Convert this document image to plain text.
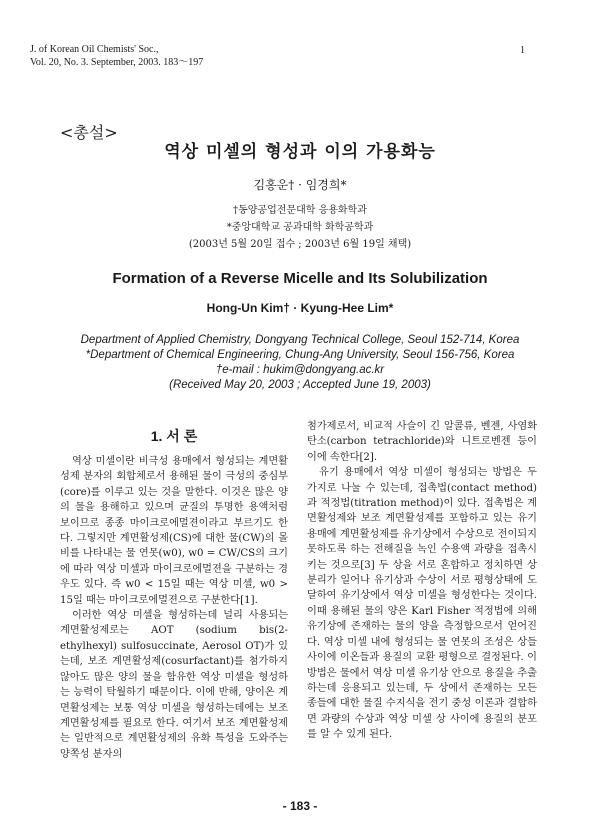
J. of Korean Oil Chemists' Soc.,
Vol. 20, No. 3. September, 2003. 183～197
1
<총설>
역상 미셀의 형성과 이의 가용화능
김홍운† · 임경희*
†동양공업전문대학 응용화학과
*중앙대학교 공과대학 화학공학과
(2003년 5월 20일 접수 ; 2003년 6월 19일 채택)
Formation of a Reverse Micelle and Its Solubilization
Hong-Un Kim† · Kyung-Hee Lim*
Department of Applied Chemistry, Dongyang Technical College, Seoul 152-714, Korea
*Department of Chemical Engineering, Chung-Ang University, Seoul 156-756, Korea
†e-mail : hukim@dongyang.ac.kr
(Received May 20, 2003 ; Accepted June 19, 2003)
1. 서 론

역상 미셀이란 비극성 용매에서 형성되는 계면활성제 분자의 회합체로서 용해된 물이 극성의 중심부(core)를 이루고 있는 것을 말한다. 이것은 많은 양의 물을 용해하고 있으며 균질의 투명한 용액처럼 보이므로 종종 마이크로에멀젼이라고 부르기도 한다. 그렇지만 계면활성제(CS)에 대한 물(CW)의 몰비를 나타내는 물 연못(w0), w0 = CW/CS의 크기에 따라 역상 미셀과 마이크로에멀젼을 구분하는 경우도 있다. 즉 w0 < 15일 때는 역상 미셀, w0 > 15일 때는 마이크로에멀젼으로 구분한다[1].

이러한 역상 미셀을 형성하는데 널리 사용되는 계면활성제로는 AOT (sodium bis(2-ethylhexyl) sulfosuccinate, Aerosol OT)가 있는데, 보조 계면활성제(cosurfactant)를 첨가하지 않아도 많은 양의 물을 함유한 역상 미셀을 형성하는 능력이 탁월하기 때문이다. 이에 반해, 양이온 계면활성제는 보통 역상 미셀을 형성하는데에는 보조 계면활성제를 필요로 한다. 여기서 보조 계면활성제는 일반적으로 계면활성제의 유화 특성을 도와주는 양쪽성 분자의

첨가제로서, 비교적 사슬이 긴 알콜류, 벤젠, 사염화탄소(carbon tetrachloride)와 니트로벤젠 등이 이에 속한다[2].

유기 용매에서 역상 미셀이 형성되는 방법은 두 가지로 나눌 수 있는데, 접촉법(contact method)과 적정법(titration method)이 있다. 접촉법은 계면활성제와 보조 계면활성제를 포함하고 있는 유기 용매에 계면활성제를 유기상에서 수상으로 전이되지 못하도록 하는 전해질을 녹인 수용액 과량을 접촉시키는 것으로[3] 두 상을 서로 혼합하고 정치하면 상 분리가 일어나 유기상과 수상이 서로 평형상태에 도달하여 유기상에서 역상 미셀을 형성한다는 것이다. 이때 용해된 물의 양은 Karl Fisher 적정법에 의해 유기상에 존재하는 물의 양을 측정함으로서 얻어진다. 역상 미셀 내에 형성되는 물 연못의 조성은 상들 사이에 이온들과 용질의 교환 평형으로 결정된다. 이 방법은 물에서 역상 미셀 유기상 안으로 용질을 추출하는데 응용되고 있는데, 두 상에서 존재하는 모든 종들에 대한 물질 수지식을 전기 중성 이론과 결합하면 과량의 수상과 역상 미셀 상 사이에 용질의 분포를 알 수 있게 된다.

- 183 -
